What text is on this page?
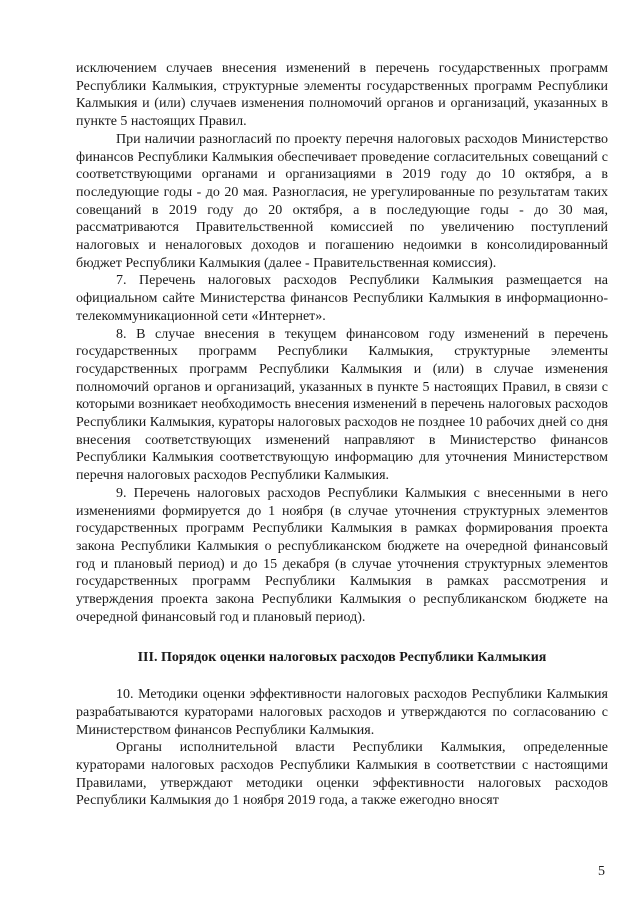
исключением случаев внесения изменений в перечень государственных программ Республики Калмыкия, структурные элементы государственных программ Республики Калмыкия и (или) случаев изменения полномочий органов и организаций, указанных в пункте 5 настоящих Правил.

При наличии разногласий по проекту перечня налоговых расходов Министерство финансов Республики Калмыкия обеспечивает проведение согласительных совещаний с соответствующими органами и организациями в 2019 году до 10 октября, а в последующие годы - до 20 мая. Разногласия, не урегулированные по результатам таких совещаний в 2019 году до 20 октября, а в последующие годы - до 30 мая, рассматриваются Правительственной комиссией по увеличению поступлений налоговых и неналоговых доходов и погашению недоимки в консолидированный бюджет Республики Калмыкия (далее - Правительственная комиссия).

7. Перечень налоговых расходов Республики Калмыкия размещается на официальном сайте Министерства финансов Республики Калмыкия в информационно-телекоммуникационной сети «Интернет».

8. В случае внесения в текущем финансовом году изменений в перечень государственных программ Республики Калмыкия, структурные элементы государственных программ Республики Калмыкия и (или) в случае изменения полномочий органов и организаций, указанных в пункте 5 настоящих Правил, в связи с которыми возникает необходимость внесения изменений в перечень налоговых расходов Республики Калмыкия, кураторы налоговых расходов не позднее 10 рабочих дней со дня внесения соответствующих изменений направляют в Министерство финансов Республики Калмыкия соответствующую информацию для уточнения Министерством перечня налоговых расходов Республики Калмыкия.

9. Перечень налоговых расходов Республики Калмыкия с внесенными в него изменениями формируется до 1 ноября (в случае уточнения структурных элементов государственных программ Республики Калмыкия в рамках формирования проекта закона Республики Калмыкия о республиканском бюджете на очередной финансовый год и плановый период) и до 15 декабря (в случае уточнения структурных элементов государственных программ Республики Калмыкия в рамках рассмотрения и утверждения проекта закона Республики Калмыкия о республиканском бюджете на очередной финансовый год и плановый период).

III. Порядок оценки налоговых расходов Республики Калмыкия

10. Методики оценки эффективности налоговых расходов Республики Калмыкия разрабатываются кураторами налоговых расходов и утверждаются по согласованию с Министерством финансов Республики Калмыкия.

Органы исполнительной власти Республики Калмыкия, определенные кураторами налоговых расходов Республики Калмыкия в соответствии с настоящими Правилами, утверждают методики оценки эффективности налоговых расходов Республики Калмыкия до 1 ноября 2019 года, а также ежегодно вносят

5
